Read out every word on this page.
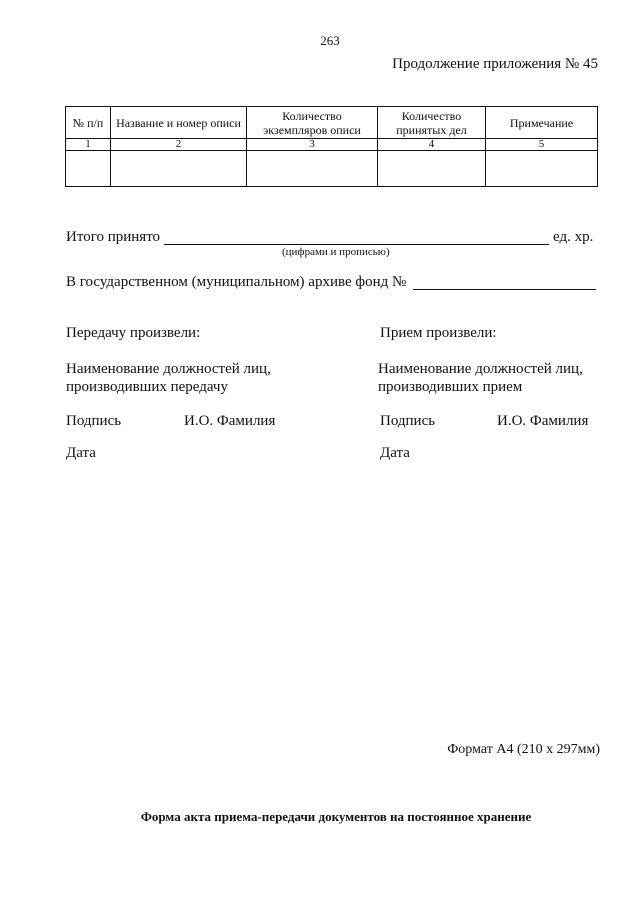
263
Продолжение приложения № 45
№ п/п	Название и номер описи	Количество экземпляров описи	Количество принятых дел	Примечание
1	2	3	4	5

Итого принято	ед. хр.
(цифрами и прописью)
В государственном (муниципальном) архиве фонд №
Передачу произвели:
Наименование должностей лиц,
производивших передачу
Подпись	И.О. Фамилия
Дата
Прием произвели:
Наименование должностей лиц,
производивших прием
Подпись	И.О. Фамилия
Дата
Формат А4 (210 х 297мм)
Форма акта приема-передачи документов на постоянное хранение
